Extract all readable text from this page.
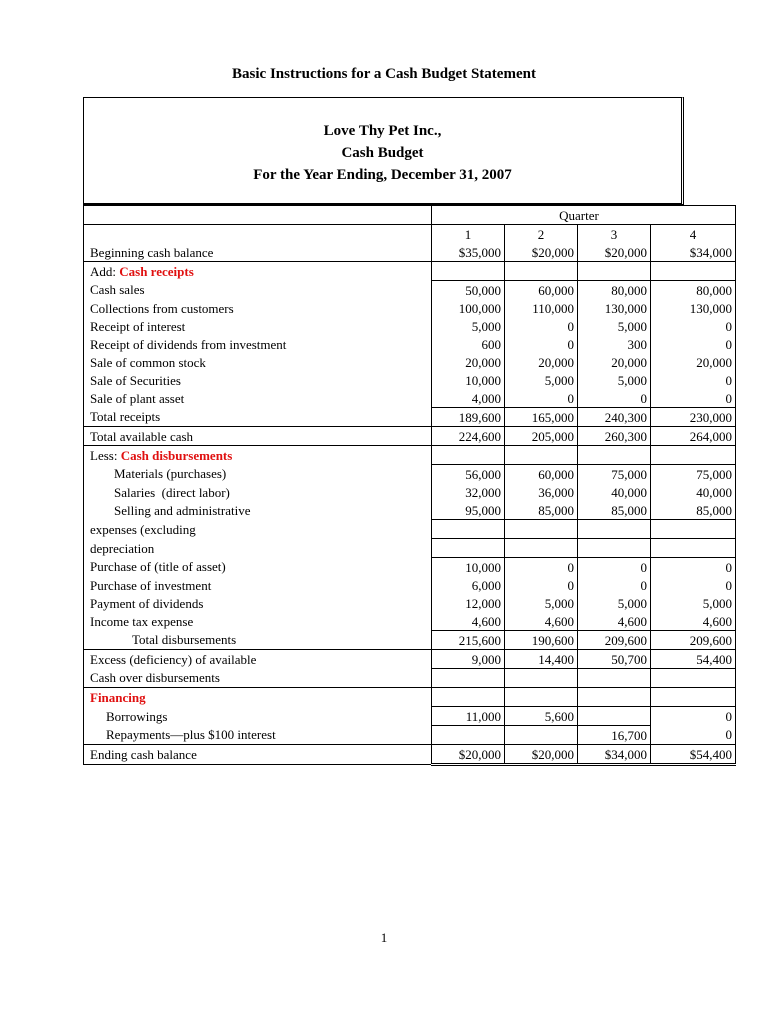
Basic Instructions for a Cash Budget Statement
Love Thy Pet Inc.,
Cash Budget
For the Year Ending, December 31, 2007
		Quarter		
	1	2	3	4
Beginning cash balance	$35,000	$20,000	$20,000	$34,000
Add: Cash receipts				
Cash sales	50,000	60,000	80,000	80,000
Collections from customers	100,000	110,000	130,000	130,000
Receipt of interest	5,000	0	5,000	0
Receipt of dividends from investment	600	0	300	0
Sale of common stock	20,000	20,000	20,000	20,000
Sale of Securities	10,000	5,000	5,000	0
Sale of plant asset	4,000	0	0	0
Total receipts	189,600	165,000	240,300	230,000
Total available cash	224,600	205,000	260,300	264,000
Less: Cash disbursements				
Materials (purchases)	56,000	60,000	75,000	75,000
Salaries  (direct labor)	32,000	36,000	40,000	40,000
Selling and administrative	95,000	85,000	85,000	85,000
expenses (excluding				
depreciation				
Purchase of (title of asset)	10,000	0	0	0
Purchase of investment	6,000	0	0	0
Payment of dividends	12,000	5,000	5,000	5,000
Income tax expense	4,600	4,600	4,600	4,600
Total disbursements	215,600	190,600	209,600	209,600
Excess (deficiency) of available	9,000	14,400	50,700	54,400
Cash over disbursements				
Financing				
Borrowings	11,000	5,600		0
Repayments—plus $100 interest			16,700	0
Ending cash balance	$20,000	$20,000	$34,000	$54,400
1
